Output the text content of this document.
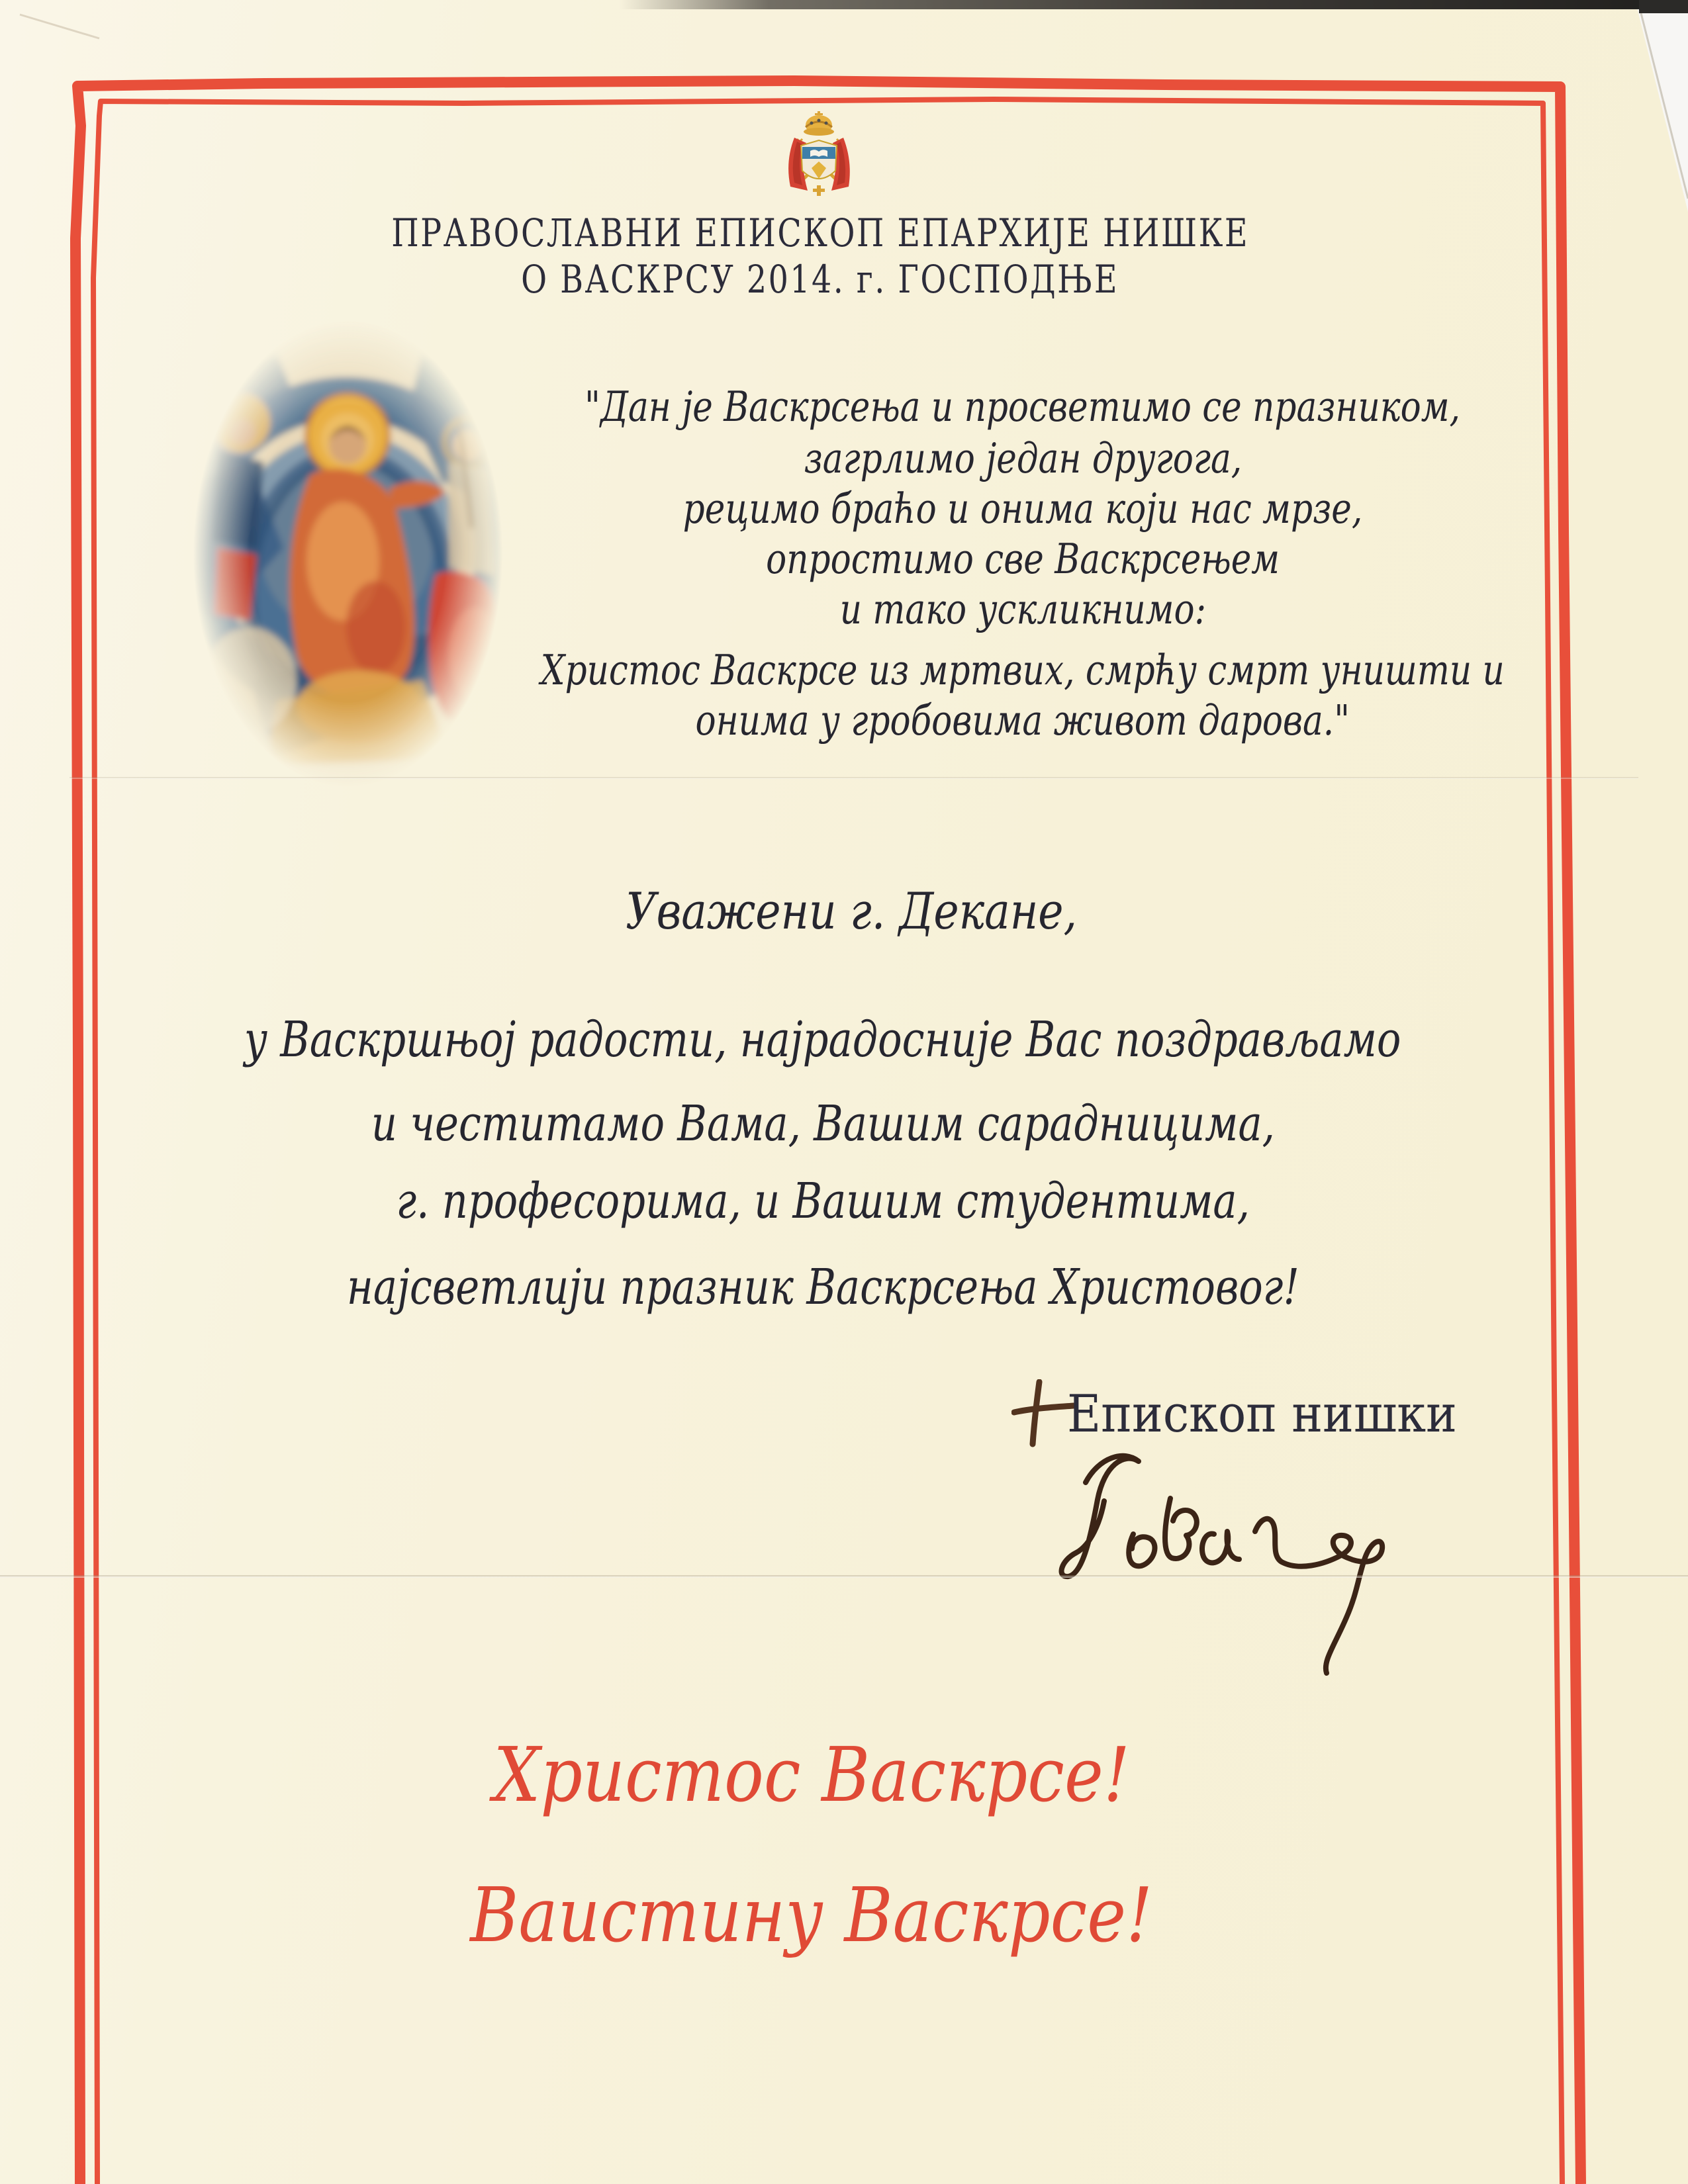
ПРАВОСЛАВНИ ЕПИСКОП ЕПАРХИЈЕ НИШКЕ
О ВАСКРСУ 2014. г. ГОСПОДЊЕ
"Дан је Васкрсења и просветимо се празником,
загрлимо један другога,
рецимо браћо и онима који нас мрзе,
опростимо све Васкрсењем
и тако ускликнимо:
Христос Васкрсе из мртвих, смрћу смрт уништи и
онима у гробовима живот дарова."
Уважени г. Декане,
у Васкршњој радости, најрадосније Вас поздрављамо
и честитамо Вама, Вашим сарадницима,
г. професорима, и Вашим студентима,
најсветлији празник Васкрсења Христовог!
Епископ нишки
Христос Васкрсе!
Ваистину Васкрсе!
